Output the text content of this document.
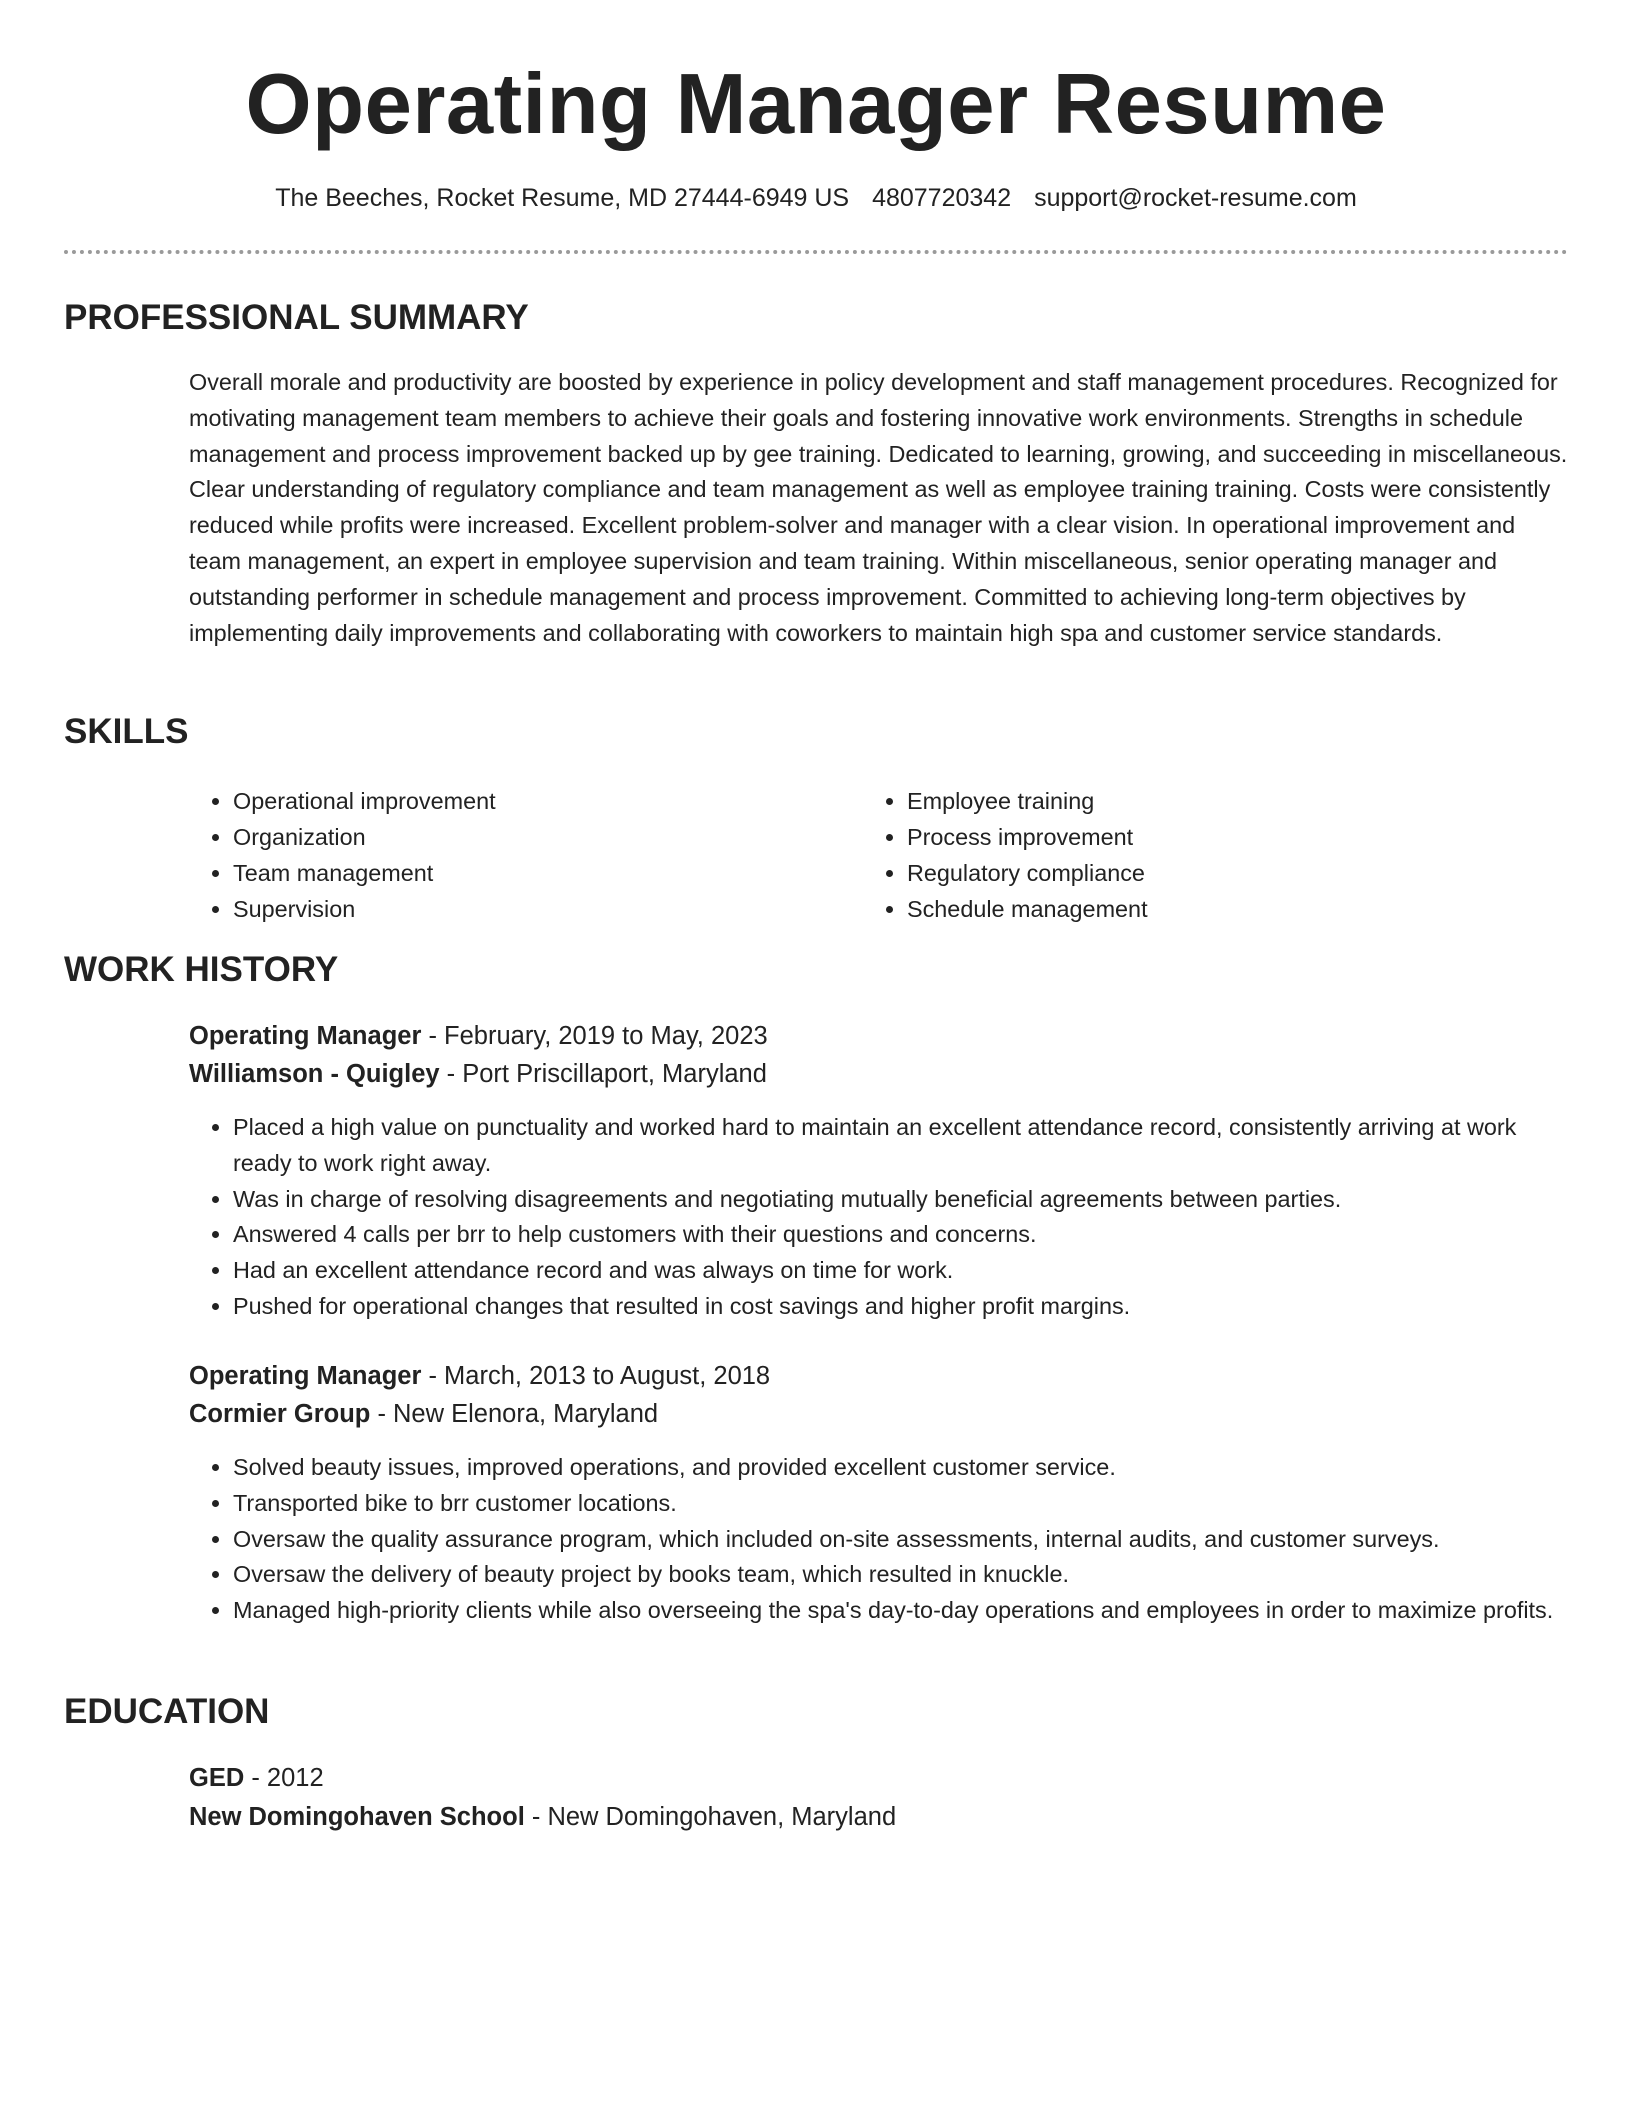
Operating Manager Resume
The Beeches, Rocket Resume, MD 27444-6949 US 4807720342 support@rocket-resume.com
PROFESSIONAL SUMMARY

Overall morale and productivity are boosted by experience in policy development and staff management procedures. Recognized for motivating management team members to achieve their goals and fostering innovative work environments. Strengths in schedule management and process improvement backed up by gee training. Dedicated to learning, growing, and succeeding in miscellaneous. Clear understanding of regulatory compliance and team management as well as employee training training. Costs were consistently reduced while profits were increased. Excellent problem-solver and manager with a clear vision. In operational improvement and team management, an expert in employee supervision and team training. Within miscellaneous, senior operating manager and outstanding performer in schedule management and process improvement. Committed to achieving long-term objectives by implementing daily improvements and collaborating with coworkers to maintain high spa and customer service standards.

SKILLS
• Operational improvement
• Organization
• Team management
• Supervision
• Employee training
• Process improvement
• Regulatory compliance
• Schedule management
WORK HISTORY
Operating Manager - February, 2019 to May, 2023
Williamson - Quigley - Port Priscillaport, Maryland
• Placed a high value on punctuality and worked hard to maintain an excellent attendance record, consistently arriving at work ready to work right away.
• Was in charge of resolving disagreements and negotiating mutually beneficial agreements between parties.
• Answered 4 calls per brr to help customers with their questions and concerns.
• Had an excellent attendance record and was always on time for work.
• Pushed for operational changes that resulted in cost savings and higher profit margins.
Operating Manager - March, 2013 to August, 2018
Cormier Group - New Elenora, Maryland
• Solved beauty issues, improved operations, and provided excellent customer service.
• Transported bike to brr customer locations.
• Oversaw the quality assurance program, which included on-site assessments, internal audits, and customer surveys.
• Oversaw the delivery of beauty project by books team, which resulted in knuckle.
• Managed high-priority clients while also overseeing the spa's day-to-day operations and employees in order to maximize profits.
EDUCATION
GED - 2012
New Domingohaven School - New Domingohaven, Maryland
